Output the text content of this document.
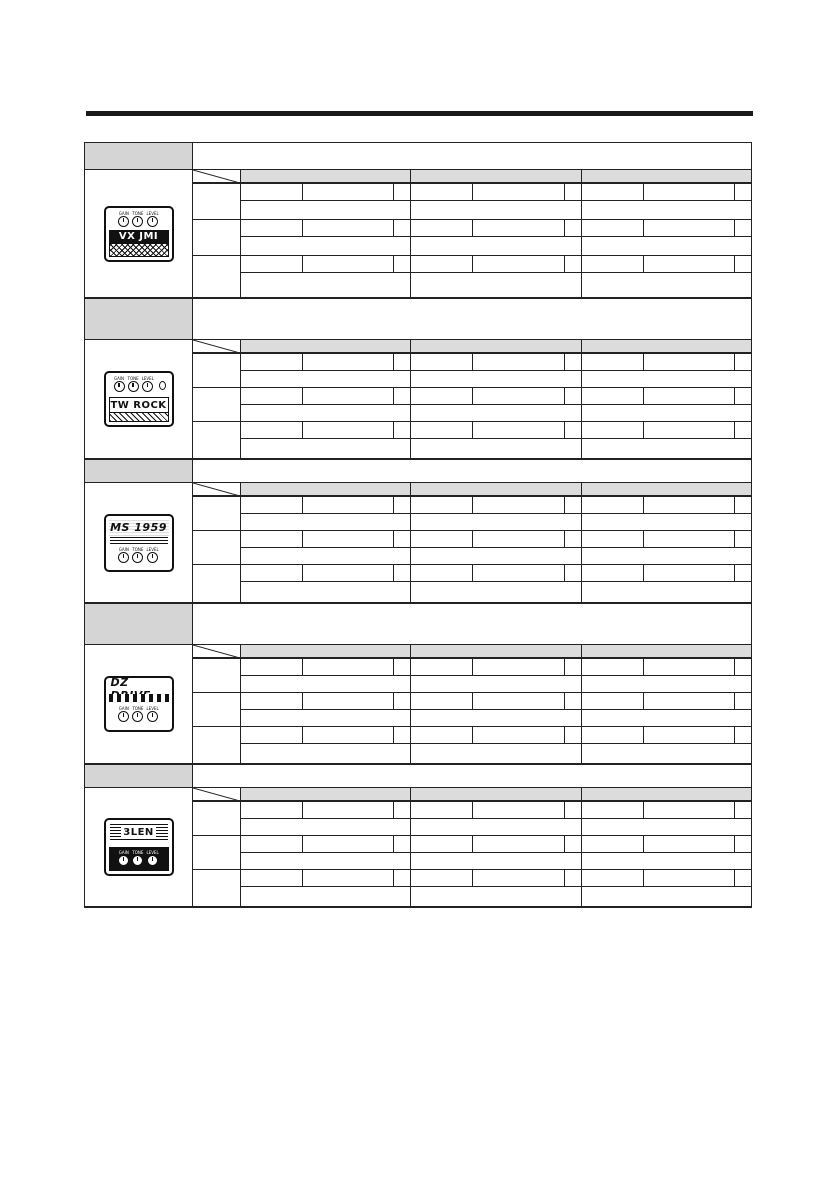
GAIN TONE LEVEL
VX JMI
GAIN TONE LEVEL
TW ROCK
MS 1959
GAIN TONE LEVEL
DZ
GAIN TONE LEVEL
3LEN
GAIN TONE LEVEL
